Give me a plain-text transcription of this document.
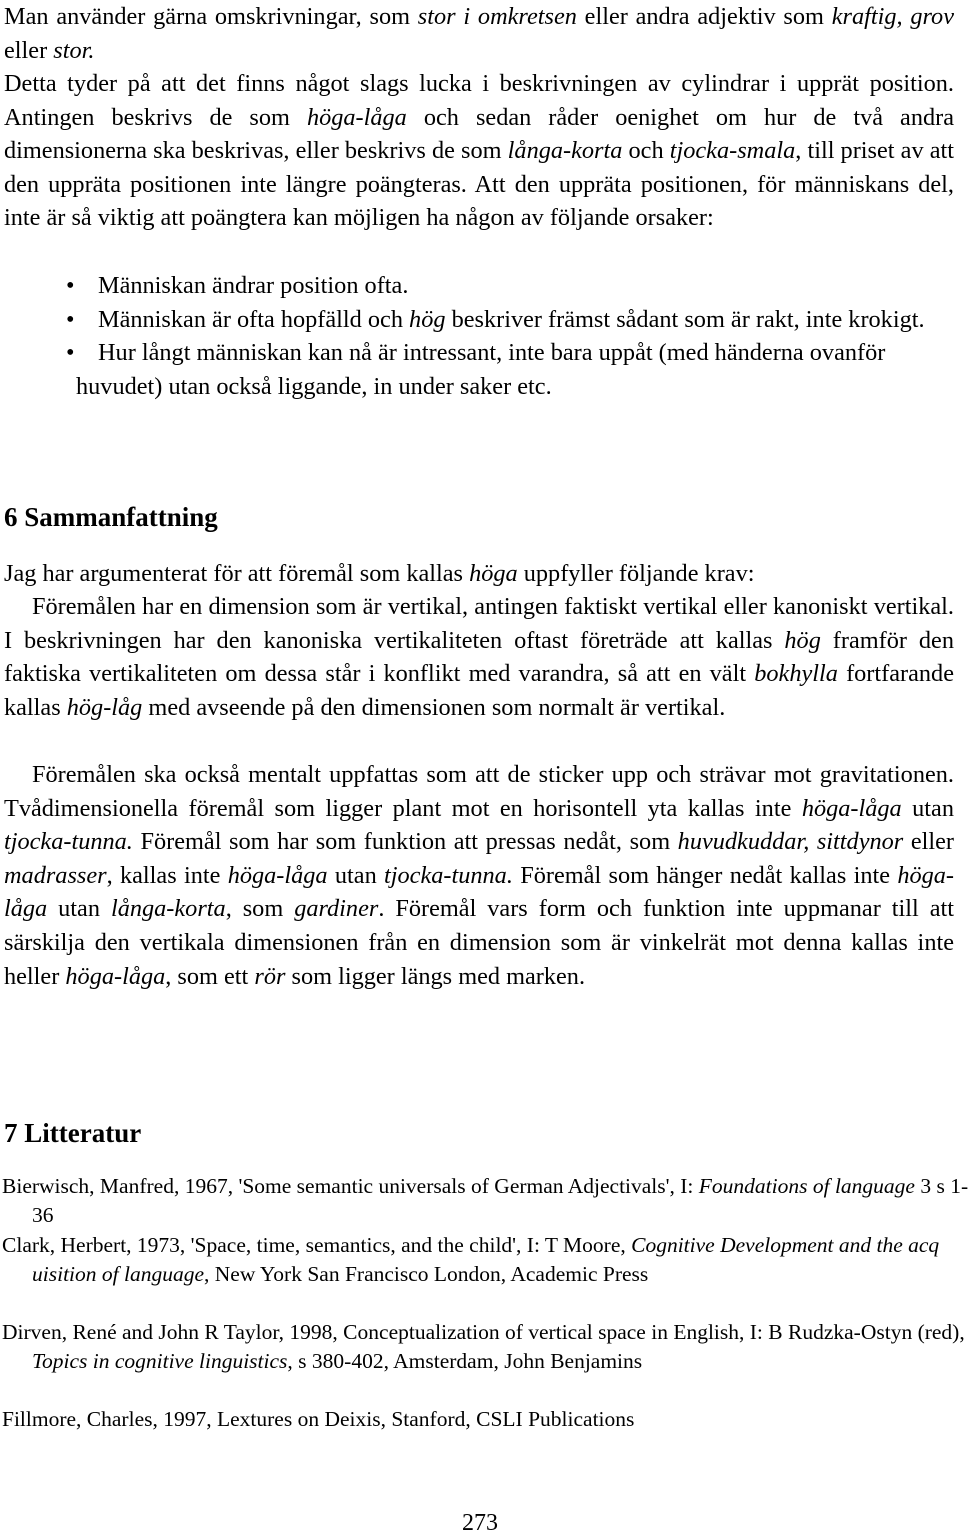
Man använder gärna omskrivningar, som stor i omkretsen eller andra adjektiv som kraftig, grov eller stor.

Detta tyder på att det finns något slags lucka i beskrivningen av cylindrar i upprät position. Antingen beskrivs de som höga-låga och sedan råder oenighet om hur de två andra dimensionerna ska beskrivas, eller beskrivs de som långa-korta och tjocka-smala, till priset av att den uppräta positionen inte längre poängteras. Att den uppräta positionen, för människans del, inte är så viktig att poängtera kan möjligen ha någon av följande orsaker:

• Människan ändrar position ofta.
• Människan är ofta hopfälld och hög beskriver främst sådant som är rakt, inte krokigt.
• Hur långt människan kan nå är intressant, inte bara uppåt (med händerna ovanför huvudet) utan också liggande, in under saker etc.
6 Sammanfattning

Jag har argumenterat för att föremål som kallas höga uppfyller följande krav:

Föremålen har en dimension som är vertikal, antingen faktiskt vertikal eller kanoniskt vertikal. I beskrivningen har den kanoniska vertikaliteten oftast företräde att kallas hög framför den faktiska vertikaliteten om dessa står i konflikt med varandra, så att en vält bokhylla fortfarande kallas hög-låg med avseende på den dimensionen som normalt är vertikal.

Föremålen ska också mentalt uppfattas som att de sticker upp och strävar mot gravitationen. Tvådimensionella föremål som ligger plant mot en horisontell yta kallas inte höga-låga utan tjocka-tunna. Föremål som har som funktion att pressas nedåt, som huvudkuddar, sittdynor eller madrasser, kallas inte höga-låga utan tjocka-tunna. Föremål som hänger nedåt kallas inte höga-låga utan långa-korta, som gardiner. Föremål vars form och funktion inte uppmanar till att särskilja den vertikala dimensionen från en dimension som är vinkelrät mot denna kallas inte heller höga-låga, som ett rör som ligger längs med marken.

7 Litteratur

Bierwisch, Manfred, 1967, 'Some semantic universals of German Adjectivals', I: Foundations of language 3 s 1-36

Clark, Herbert, 1973, 'Space, time, semantics, and the child', I: T Moore, Cognitive Development and the acq uisition of language, New York San Francisco London, Academic Press

Dirven, René and John R Taylor, 1998, Conceptualization of vertical space in English, I: B Rudzka-Ostyn (red), Topics in cognitive linguistics, s 380-402, Amsterdam, John Benjamins

Fillmore, Charles, 1997, Lextures on Deixis, Stanford, CSLI Publications

273
